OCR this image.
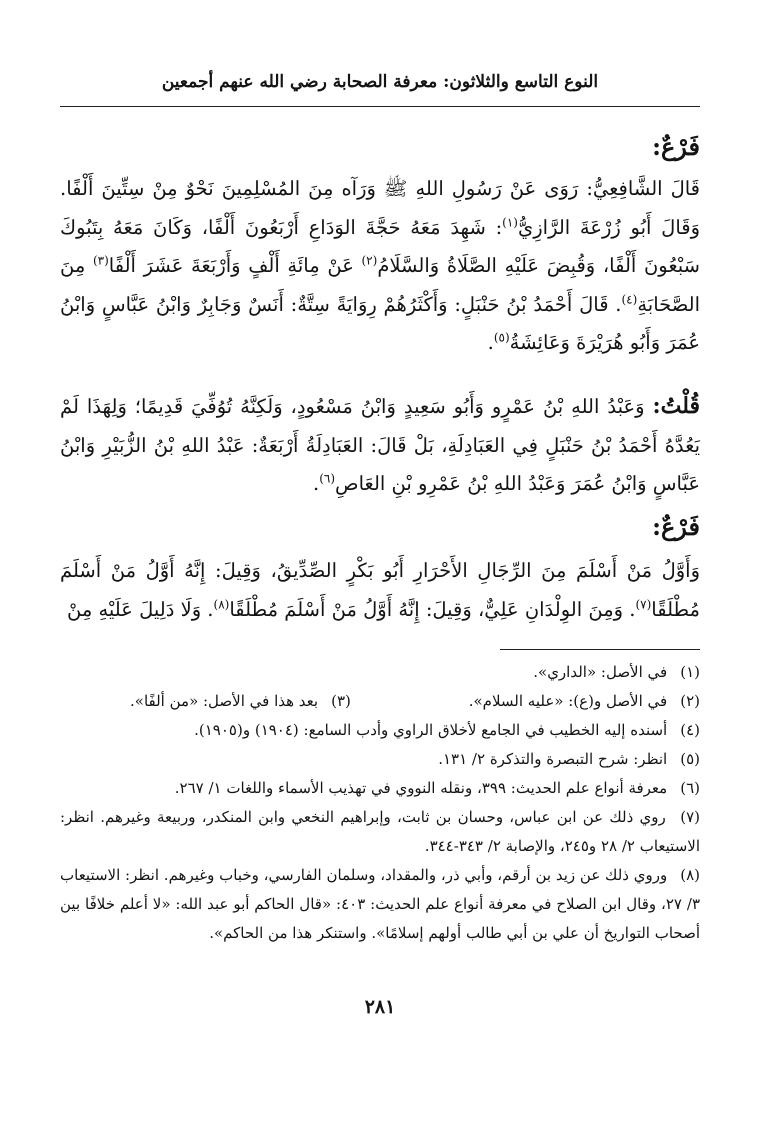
النوع التاسع والثلاثون: معرفة الصحابة رضي الله عنهم أجمعين
فَرْعٌ:

قَالَ الشَّافِعِيُّ: رَوَى عَنْ رَسُولِ اللهِ ﷺ وَرَآه مِنَ المُسْلِمِينَ نَحْوٌ مِنْ سِتِّينَ أَلْفًا. وَقَالَ أَبُو زُرْعَةَ الرَّازِيُّ$^{(١)}$: شَهِدَ مَعَهُ حَجَّةَ الوَدَاعِ أَرْبَعُونَ أَلْفًا، وَكَانَ مَعَهُ بِتَبُوكَ سَبْعُونَ أَلْفًا، وَقُبِضَ عَلَيْهِ الصَّلَاةُ وَالسَّلَامُ$^{(٢)}$ عَنْ مِائَةِ أَلْفٍ وَأَرْبَعَةَ عَشَرَ أَلْفًا$^{(٣)}$ مِنَ الصَّحَابَةِ$^{(٤)}$. قَالَ أَحْمَدُ بْنُ حَنْبَلٍ: وَأَكْثَرُهُمْ رِوَايَةً سِتَّةٌ: أَنَسٌ وَجَابِرٌ وَابْنُ عَبَّاسٍ وَابْنُ عُمَرَ وَأَبُو هُرَيْرَةَ وَعَائِشَةُ$^{(٥)}$.

قُلْتُ: وَعَبْدُ اللهِ بْنُ عَمْرٍو وَأَبُو سَعِيدٍ وَابْنُ مَسْعُودٍ، وَلَكِنَّهُ تُوُفِّيَ قَدِيمًا؛ وَلِهَذَا لَمْ يَعُدَّهُ أَحْمَدُ بْنُ حَنْبَلٍ فِي العَبَادِلَةِ، بَلْ قَالَ: العَبَادِلَةُ أَرْبَعَةٌ: عَبْدُ اللهِ بْنُ الزُّبَيْرِ وَابْنُ عَبَّاسٍ وَابْنُ عُمَرَ وَعَبْدُ اللهِ بْنُ عَمْرِو بْنِ العَاصِ$^{(٦)}$.

فَرْعٌ:

وَأَوَّلُ مَنْ أَسْلَمَ مِنَ الرِّجَالِ الأَحْرَارِ أَبُو بَكْرٍ الصِّدِّيقُ، وَقِيلَ: إِنَّهُ أَوَّلُ مَنْ أَسْلَمَ مُطْلَقًا$^{(٧)}$. وَمِنَ الوِلْدَانِ عَلِيٌّ، وَقِيلَ: إِنَّهُ أَوَّلُ مَنْ أَسْلَمَ مُطْلَقًا$^{(٨)}$. وَلَا دَلِيلَ عَلَيْهِ مِنْ

(١) في الأصل: «الداري».
(٢) في الأصل و(ع): «عليه السلام».
(٣) بعد هذا في الأصل: «من ألفًا».
(٤) أسنده إليه الخطيب في الجامع لأخلاق الراوي وأدب السامع: (١٩٠٤) و(١٩٠٥).
(٥) انظر: شرح التبصرة والتذكرة ٢/ ١٣١.
(٦) معرفة أنواع علم الحديث: ٣٩٩، ونقله النووي في تهذيب الأسماء واللغات ١/ ٢٦٧.
(٧) روي ذلك عن ابن عباس، وحسان بن ثابت، وإبراهيم النخعي وابن المنكدر، وربيعة وغيرهم. انظر: الاستيعاب ٢/ ٢٨ و٢٤٥، والإصابة ٢/ ٣٤٣-٣٤٤.
(٨) وروي ذلك عن زيد بن أرقم، وأبي ذر، والمقداد، وسلمان الفارسي، وخباب وغيرهم. انظر: الاستيعاب ٣/ ٢٧، وقال ابن الصلاح في معرفة أنواع علم الحديث: ٤٠٣: «قال الحاكم أبو عبد الله: «لا أعلم خلافًا بين أصحاب التواريخ أن علي بن أبي طالب أولهم إسلامًا». واستنكر هذا من الحاكم».
٢٨١
